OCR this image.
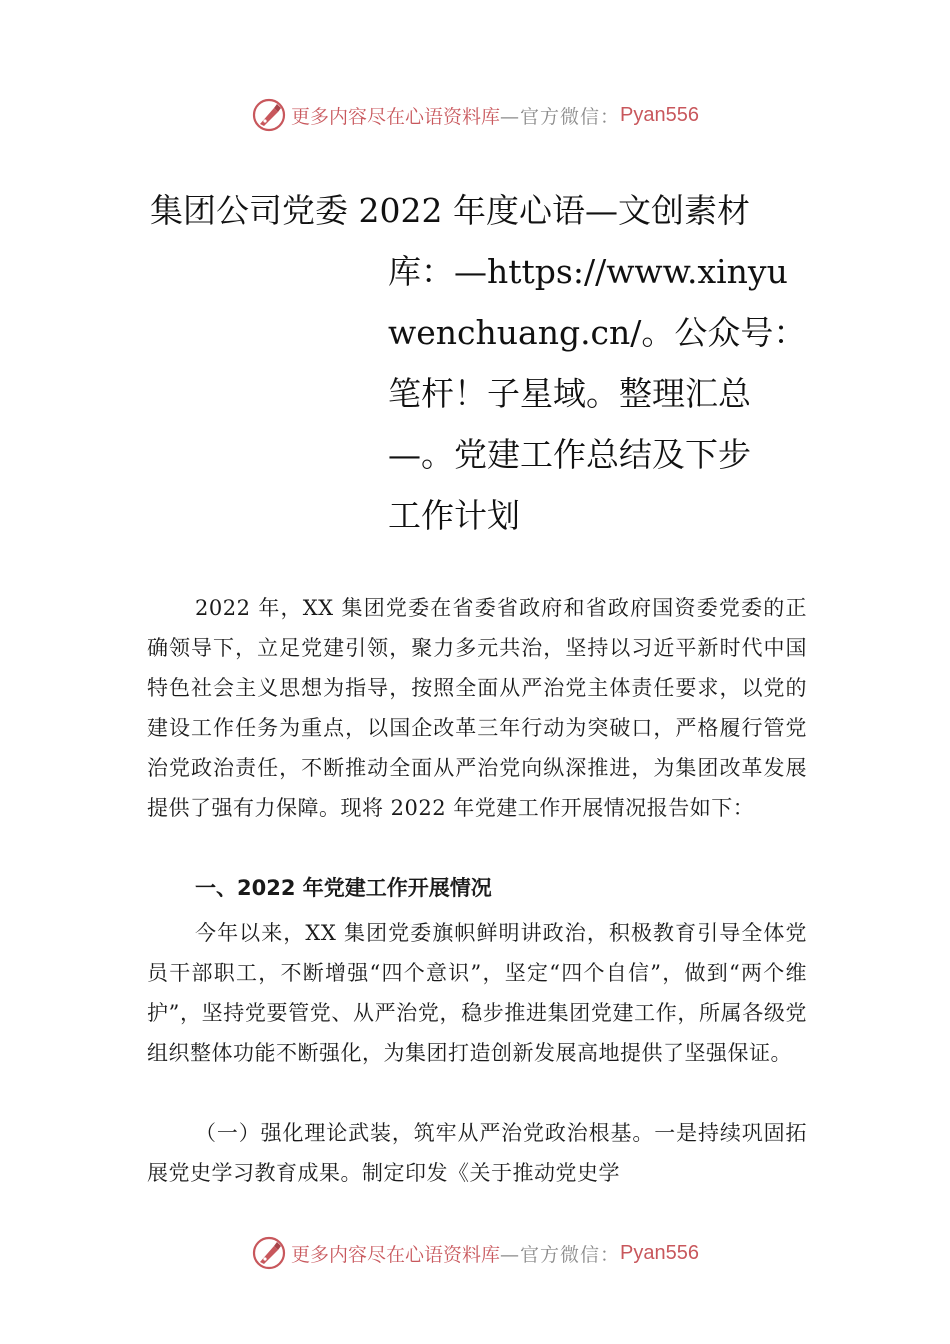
更多内容尽在心语资料库 —官方微信： Pyan556
集团公司党委 2022 年度心语—文创素材
库：—https://www.xinyu
wenchuang.cn/。公众号：
笔杆！子星域。整理汇总
—。党建工作总结及下步
工作计划
2022 年，XX 集团党委在省委省政府和省政府国资委党委的正确领导下，立足党建引领，聚力多元共治，坚持以习近平新时代中国特色社会主义思想为指导，按照全面从严治党主体责任要求，以党的建设工作任务为重点，以国企改革三年行动为突破口，严格履行管党治党政治责任，不断推动全面从严治党向纵深推进，为集团改革发展提供了强有力保障。现将 2022 年党建工作开展情况报告如下：
一、2022 年党建工作开展情况
今年以来，XX 集团党委旗帜鲜明讲政治，积极教育引导全体党员干部职工，不断增强“四个意识”，坚定“四个自信”，做到“两个维护”，坚持党要管党、从严治党，稳步推进集团党建工作，所属各级党组织整体功能不断强化，为集团打造创新发展高地提供了坚强保证。
（一）强化理论武装，筑牢从严治党政治根基。一是持续巩固拓展党史学习教育成果。制定印发《关于推动党史学
更多内容尽在心语资料库 —官方微信： Pyan556
